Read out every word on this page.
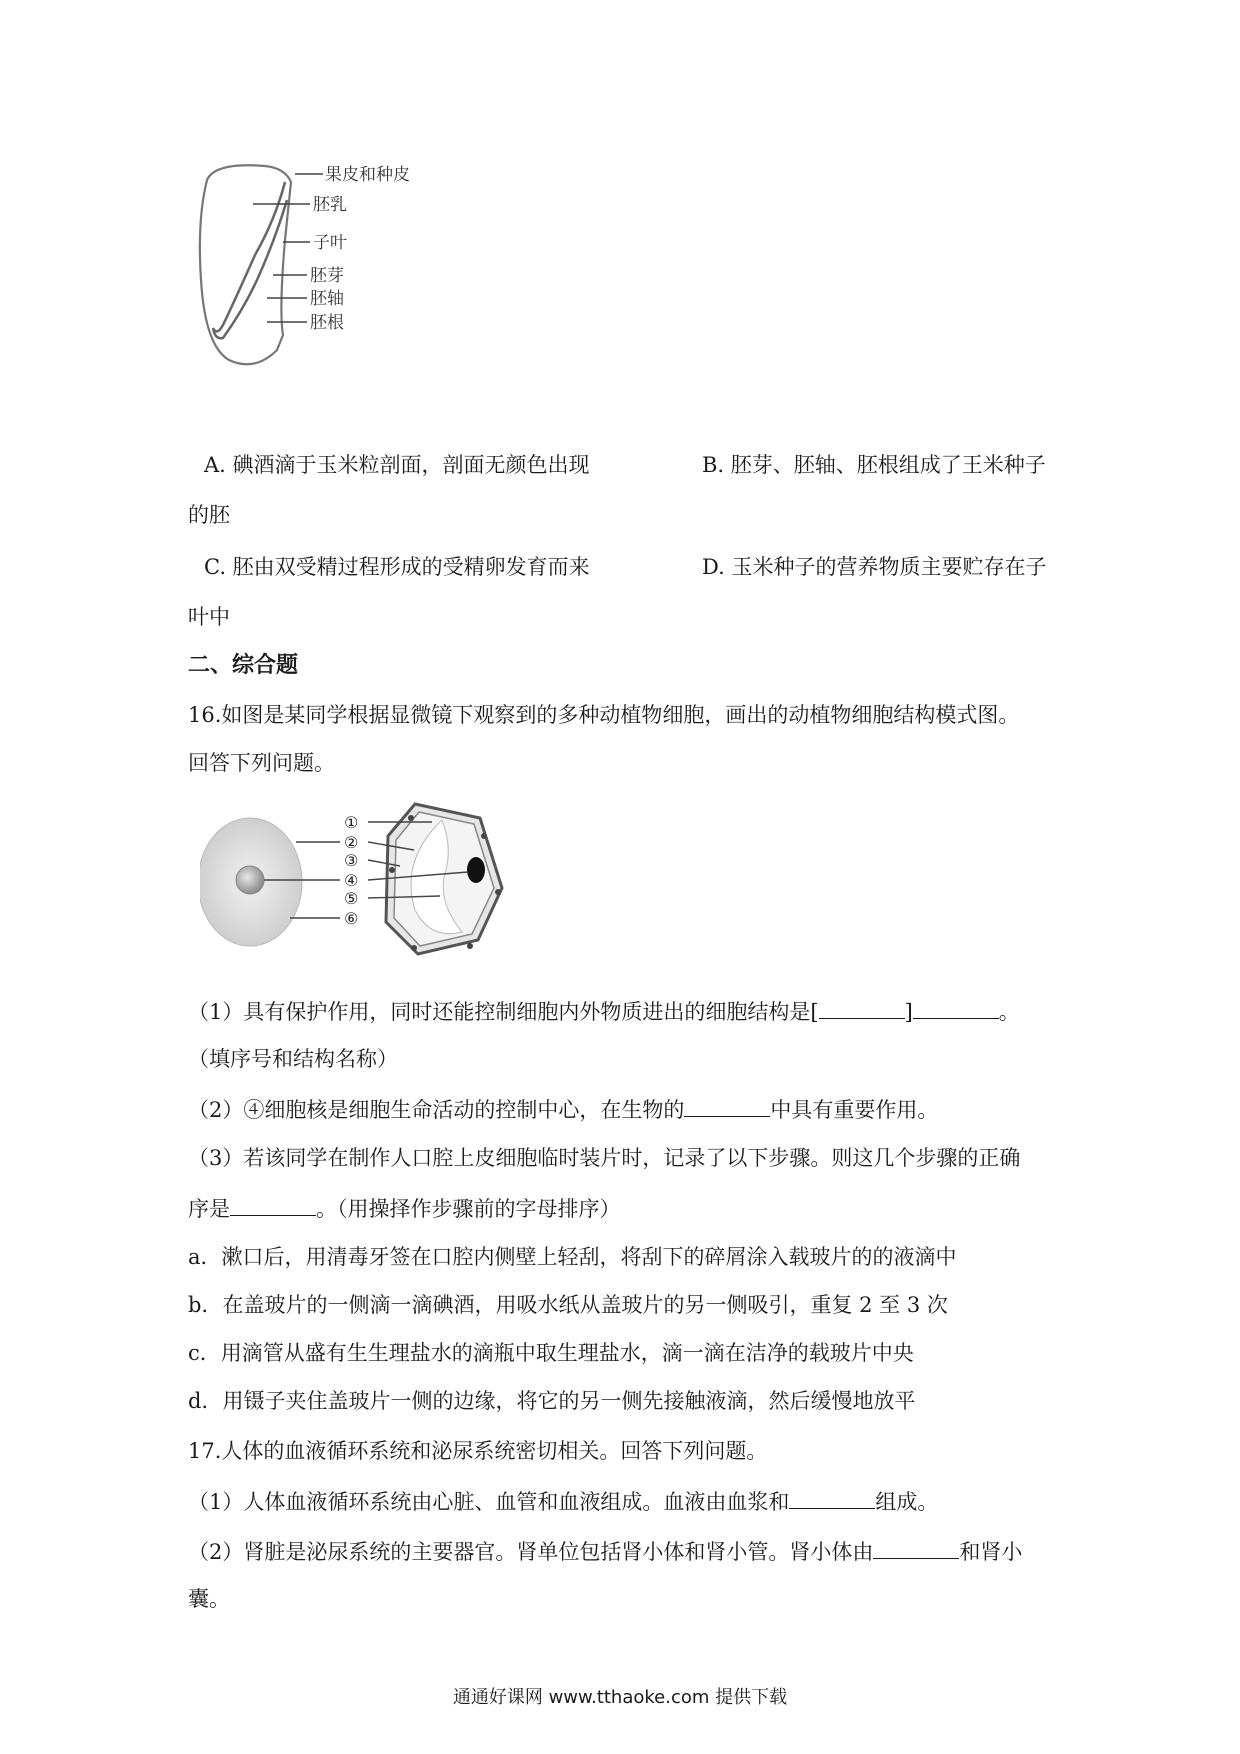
果皮和种皮
胚乳
子叶
胚芽
胚轴
胚根
A. 碘酒滴于玉米粒剖面，剖面无颜色出现	B. 胚芽、胚轴、胚根组成了王米种子
的胚
C. 胚由双受精过程形成的受精卵发育而来	D. 玉米种子的营养物质主要贮存在子
叶中
二、综合题
16.如图是某同学根据显微镜下观察到的多种动植物细胞，画出的动植物细胞结构模式图。
回答下列问题。
①
②
③
④
⑤
⑥
（1）具有保护作用，同时还能控制细胞内外物质进出的细胞结构是[	]	。
（填序号和结构名称）
（2）④细胞核是细胞生命活动的控制中心，在生物的	中具有重要作用。
（3）若该同学在制作人口腔上皮细胞临时装片时，记录了以下步骤。则这几个步骤的正确
序是	。（用操择作步骤前的字母排序）
a．漱口后，用清毒牙签在口腔内侧壁上轻刮，将刮下的碎屑涂入载玻片的的液滴中
b．在盖玻片的一侧滴一滴碘酒，用吸水纸从盖玻片的另一侧吸引，重复 2 至 3 次
c．用滴管从盛有生生理盐水的滴瓶中取生理盐水，滴一滴在洁净的载玻片中央
d．用镊子夹住盖玻片一侧的边缘，将它的另一侧先接触液滴，然后缓慢地放平
17.人体的血液循环系统和泌尿系统密切相关。回答下列问题。
（1）人体血液循环系统由心脏、血管和血液组成。血液由血浆和	组成。
（2）肾脏是泌尿系统的主要器官。肾单位包括肾小体和肾小管。肾小体由	和肾小
囊。
通通好课网 www.tthaoke.com 提供下载
